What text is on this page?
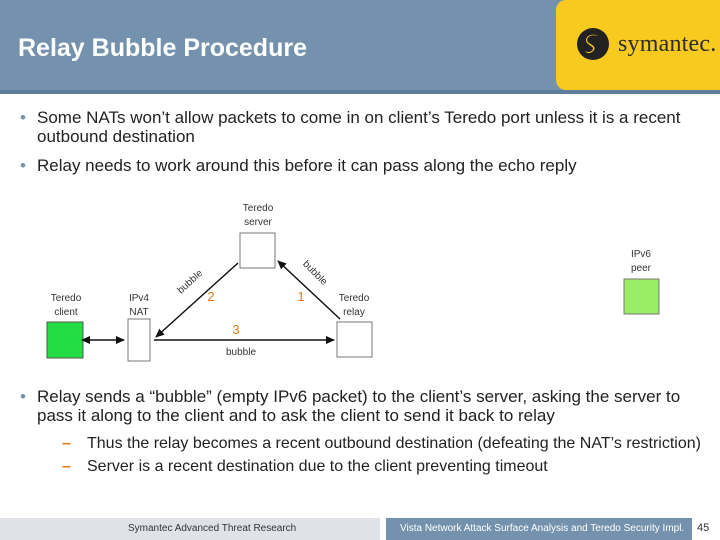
Relay Bubble Procedure	symantec.
• Some NATs won’t allow packets to come in on client’s Teredo port unless it is a recent outbound destination
• Relay needs to work around this before it can pass along the echo reply
Teredo
server
IPv6
peer
Teredo
client
IPv4
NAT
Teredo
relay
bubble
1
bubble
2
3
bubble
• Relay sends a “bubble” (empty IPv6 packet) to the client’s server, asking the server to pass it along to the client and to ask the client to send it back to relay
– Thus the relay becomes a recent outbound destination (defeating the NAT’s restriction)
– Server is a recent destination due to the client preventing timeout
Symantec Advanced Threat Research	Vista Network Attack Surface Analysis and Teredo Security Impl. 45
